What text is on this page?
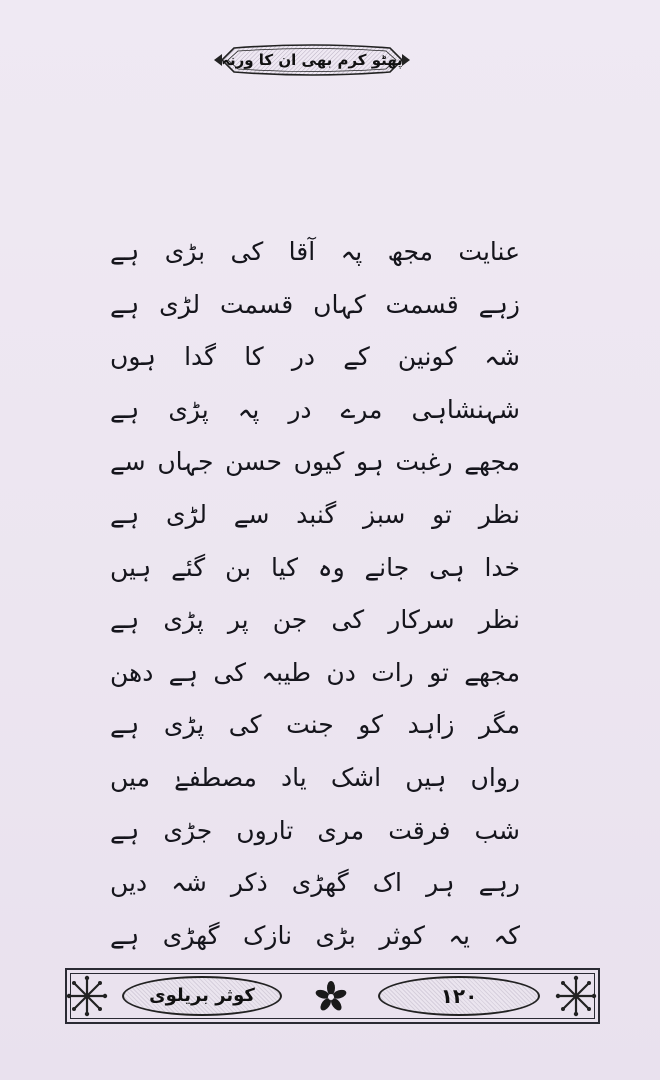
پھٹو کرم بھی ان کا ورنہ
عنایت مجھ پہ آقا کی بڑی ہے
زہے قسمت کہاں قسمت لڑی ہے
شہ کونین کے در کا گدا ہوں
شہنشاہی مرے در پہ پڑی ہے
مجھے رغبت ہو کیوں حسن جہاں سے
نظر تو سبز گنبد سے لڑی ہے
خدا ہی جانے وہ کیا بن گئے ہیں
نظر سرکار کی جن پر پڑی ہے
مجھے تو رات دن طیبہ کی ہے دھن
مگر زاہد کو جنت کی پڑی ہے
رواں ہیں اشک یاد مصطفےٰ میں
شب فرقت مری تاروں جڑی ہے
رہے ہر اک گھڑی ذکر شہ دیں
کہ یہ کوثر بڑی نازک گھڑی ہے
کوثر بریلوی	۱۲۰
